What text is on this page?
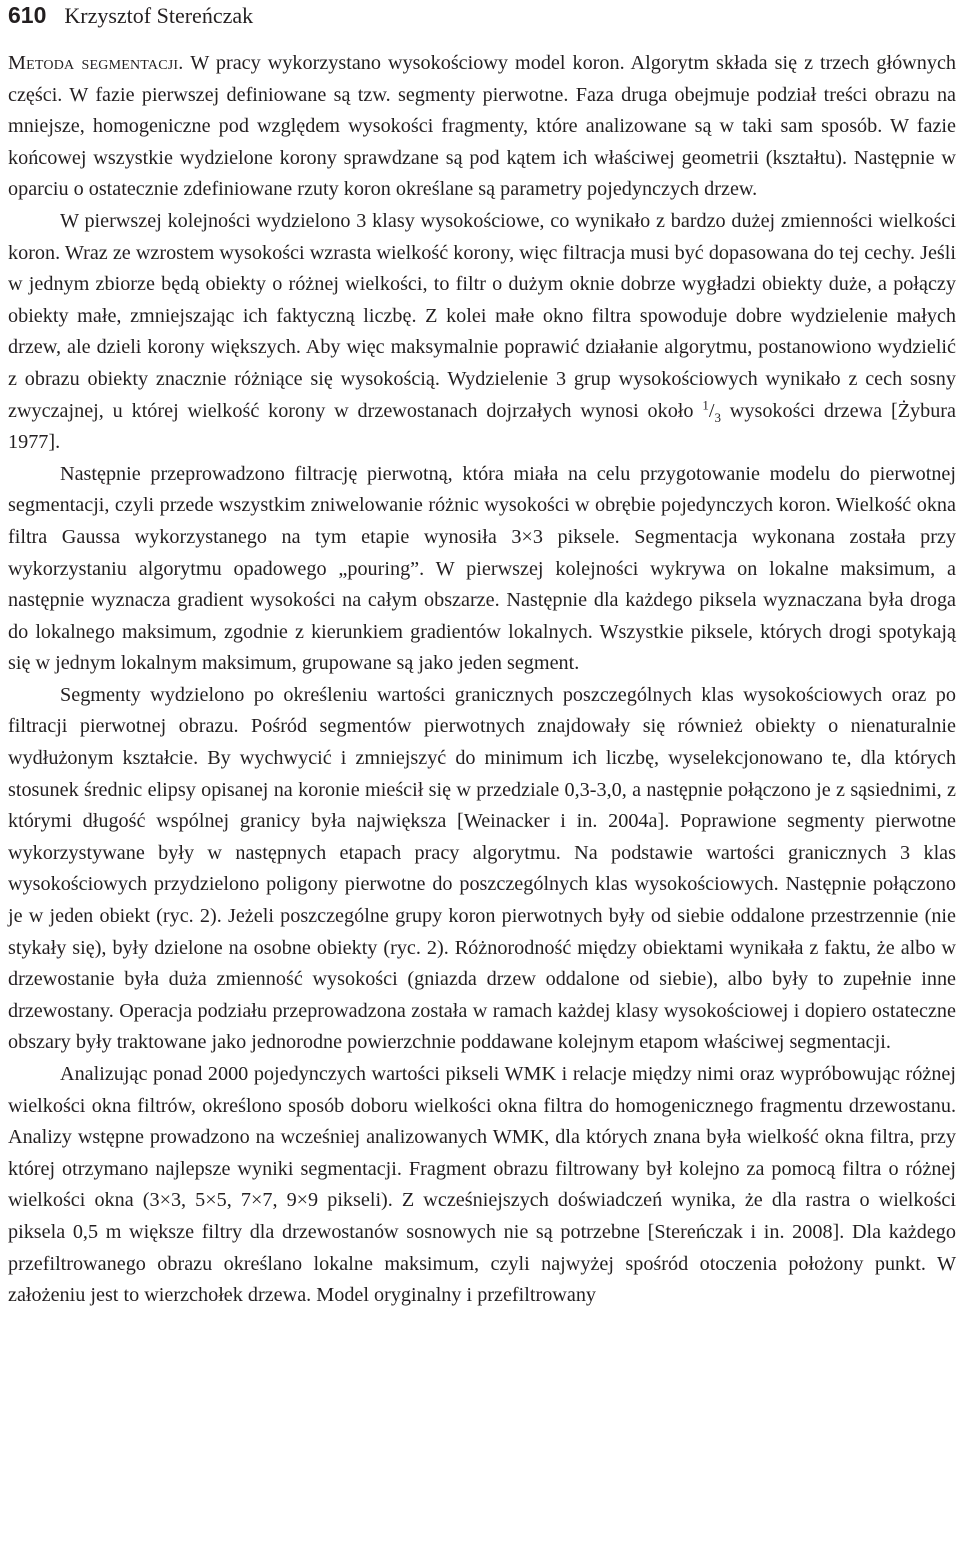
610 Krzysztof Stereńczak

Metoda segmentacji. W pracy wykorzystano wysokościowy model koron. Algorytm składa się z trzech głównych części. W fazie pierwszej definiowane są tzw. segmenty pierwotne. Faza druga obejmuje podział treści obrazu na mniejsze, homogeniczne pod względem wysokości fragmenty, które analizowane są w taki sam sposób. W fazie końcowej wszystkie wydzielone korony sprawdzane są pod kątem ich właściwej geometrii (kształtu). Następnie w oparciu o ostatecznie zdefiniowane rzuty koron określane są parametry pojedynczych drzew.

W pierwszej kolejności wydzielono 3 klasy wysokościowe, co wynikało z bardzo dużej zmienności wielkości koron. Wraz ze wzrostem wysokości wzrasta wielkość korony, więc filtracja musi być dopasowana do tej cechy. Jeśli w jednym zbiorze będą obiekty o różnej wielkości, to filtr o dużym oknie dobrze wygładzi obiekty duże, a połączy obiekty małe, zmniejszając ich faktyczną liczbę. Z kolei małe okno filtra spowoduje dobre wydzielenie małych drzew, ale dzieli korony większych. Aby więc maksymalnie poprawić działanie algorytmu, postanowiono wydzielić z obrazu obiekty znacznie różniące się wysokością. Wydzielenie 3 grup wysokościowych wynikało z cech sosny zwyczajnej, u której wielkość korony w drzewostanach dojrzałych wynosi około $^1/_3$ wysokości drzewa [Żybura 1977].

Następnie przeprowadzono filtrację pierwotną, która miała na celu przygotowanie modelu do pierwotnej segmentacji, czyli przede wszystkim zniwelowanie różnic wysokości w obrębie pojedynczych koron. Wielkość okna filtra Gaussa wykorzystanego na tym etapie wynosiła 3×3 piksele. Segmentacja wykonana została przy wykorzystaniu algorytmu opadowego „pouring”. W pierwszej kolejności wykrywa on lokalne maksimum, a następnie wyznacza gradient wysokości na całym obszarze. Następnie dla każdego piksela wyznaczana była droga do lokalnego maksimum, zgodnie z kierunkiem gradientów lokalnych. Wszystkie piksele, których drogi spotykają się w jednym lokalnym maksimum, grupowane są jako jeden segment.

Segmenty wydzielono po określeniu wartości granicznych poszczególnych klas wysokościowych oraz po filtracji pierwotnej obrazu. Pośród segmentów pierwotnych znajdowały się również obiekty o nienaturalnie wydłużonym kształcie. By wychwycić i zmniejszyć do minimum ich liczbę, wyselekcjonowano te, dla których stosunek średnic elipsy opisanej na koronie mieścił się w przedziale 0,3-3,0, a następnie połączono je z sąsiednimi, z którymi długość wspólnej granicy była największa [Weinacker i in. 2004a]. Poprawione segmenty pierwotne wykorzystywane były w następnych etapach pracy algorytmu. Na podstawie wartości granicznych 3 klas wysokościowych przydzielono poligony pierwotne do poszczególnych klas wysokościowych. Następnie połączono je w jeden obiekt (ryc. 2). Jeżeli poszczególne grupy koron pierwotnych były od siebie oddalone przestrzennie (nie stykały się), były dzielone na osobne obiekty (ryc. 2). Różnorodność między obiektami wynikała z faktu, że albo w drzewostanie była duża zmienność wysokości (gniazda drzew oddalone od siebie), albo były to zupełnie inne drzewostany. Operacja podziału przeprowadzona została w ramach każdej klasy wysokościowej i dopiero ostateczne obszary były traktowane jako jednorodne powierzchnie poddawane kolejnym etapom właściwej segmentacji.

Analizując ponad 2000 pojedynczych wartości pikseli WMK i relacje między nimi oraz wypróbowując różnej wielkości okna filtrów, określono sposób doboru wielkości okna filtra do homogenicznego fragmentu drzewostanu. Analizy wstępne prowadzono na wcześniej analizowanych WMK, dla których znana była wielkość okna filtra, przy której otrzymano najlepsze wyniki segmentacji. Fragment obrazu filtrowany był kolejno za pomocą filtra o różnej wielkości okna (3×3, 5×5, 7×7, 9×9 pikseli). Z wcześniejszych doświadczeń wynika, że dla rastra o wielkości piksela 0,5 m większe filtry dla drzewostanów sosnowych nie są potrzebne [Stereńczak i in. 2008]. Dla każdego przefiltrowanego obrazu określano lokalne maksimum, czyli najwyżej spośród otoczenia położony punkt. W założeniu jest to wierzchołek drzewa. Model oryginalny i przefiltrowany
